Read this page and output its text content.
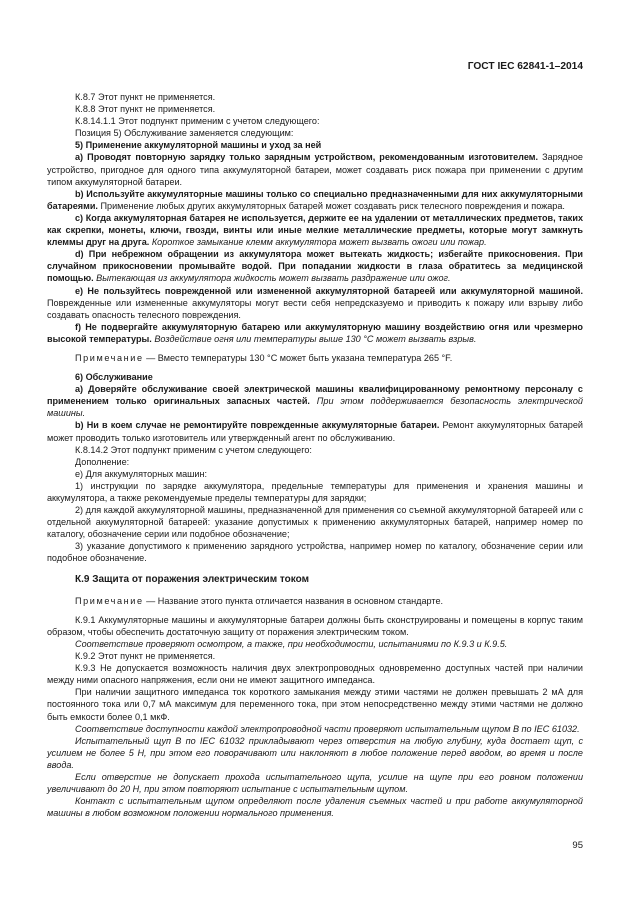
ГОСТ IEC 62841-1–2014

К.8.7 Этот пункт не применяется.

К.8.8 Этот пункт не применяется.

К.8.14.1.1 Этот подпункт применим с учетом следующего:

Позиция 5) Обслуживание заменяется следующим:

5) Применение аккумуляторной машины и уход за ней

a) Проводят повторную зарядку только зарядным устройством, рекомендованным изготовителем. Зарядное устройство, пригодное для одного типа аккумуляторной батареи, может создавать риск пожара при применении с другим типом аккумуляторной батареи.

b) Используйте аккумуляторные машины только со специально предназначенными для них аккумуляторными батареями. Применение любых других аккумуляторных батарей может создавать риск телесного повреждения и пожара.

c) Когда аккумуляторная батарея не используется, держите ее на удалении от металлических предметов, таких как скрепки, монеты, ключи, гвозди, винты или иные мелкие металлические предметы, которые могут замкнуть клеммы друг на друга. Короткое замыкание клемм аккумулятора может вызвать ожоги или пожар.

d) При небрежном обращении из аккумулятора может вытекать жидкость; избегайте прикосновения. При случайном прикосновении промывайте водой. При попадании жидкости в глаза обратитесь за медицинской помощью. Вытекающая из аккумулятора жидкость может вызвать раздражение или ожог.

e) Не пользуйтесь поврежденной или измененной аккумуляторной батареей или аккумуляторной машиной. Поврежденные или измененные аккумуляторы могут вести себя непредсказуемо и приводить к пожару или взрыву либо создавать опасность телесного повреждения.

f) Не подвергайте аккумуляторную батарею или аккумуляторную машину воздействию огня или чрезмерно высокой температуры. Воздействие огня или температуры выше 130 °С может вызвать взрыв.

Примечание — Вместо температуры 130 °С может быть указана температура 265 °F.

6) Обслуживание

a) Доверяйте обслуживание своей электрической машины квалифицированному ремонтному персоналу с применением только оригинальных запасных частей. При этом поддерживается безопасность электрической машины.

b) Ни в коем случае не ремонтируйте поврежденные аккумуляторные батареи. Ремонт аккумуляторных батарей может проводить только изготовитель или утвержденный агент по обслуживанию.

К.8.14.2 Этот подпункт применим с учетом следующего:

Дополнение:

е) Для аккумуляторных машин:

1) инструкции по зарядке аккумулятора, предельные температуры для применения и хранения машины и аккумулятора, а также рекомендуемые пределы температуры для зарядки;

2) для каждой аккумуляторной машины, предназначенной для применения со съемной аккумуляторной батареей или с отдельной аккумуляторной батареей: указание допустимых к применению аккумуляторных батарей, например номер по каталогу, обозначение серии или подобное обозначение;

3) указание допустимого к применению зарядного устройства, например номер по каталогу, обозначение серии или подобное обозначение.

К.9 Защита от поражения электрическим током

Примечание — Название этого пункта отличается названия в основном стандарте.

К.9.1 Аккумуляторные машины и аккумуляторные батареи должны быть сконструированы и помещены в корпус таким образом, чтобы обеспечить достаточную защиту от поражения электрическим током.

Соответствие проверяют осмотром, а также, при необходимости, испытаниями по К.9.3 и К.9.5.

К.9.2 Этот пункт не применяется.

К.9.3 Не допускается возможность наличия двух электропроводных одновременно доступных частей при наличии между ними опасного напряжения, если они не имеют защитного импеданса.

При наличии защитного импеданса ток короткого замыкания между этими частями не должен превышать 2 мА для постоянного тока или 0,7 мА максимум для переменного тока, при этом непосредственно между этими частями не должно быть емкости более 0,1 мкФ.

Соответствие доступности каждой электропроводной части проверяют испытательным щупом В по IEC 61032.

Испытательный щуп В по IEC 61032 прикладывают через отверстия на любую глубину, куда достает щуп, с усилием не более 5 Н, при этом его поворачивают или наклоняют в любое положение перед вводом, во время и после ввода.

Если отверстие не допускает прохода испытательного щупа, усилие на щупе при его ровном положении увеличивают до 20 Н, при этом повторяют испытание с испытательным щупом.

Контакт с испытательным щупом определяют после удаления съемных частей и при работе аккумуляторной машины в любом возможном положении нормального применения.

95
